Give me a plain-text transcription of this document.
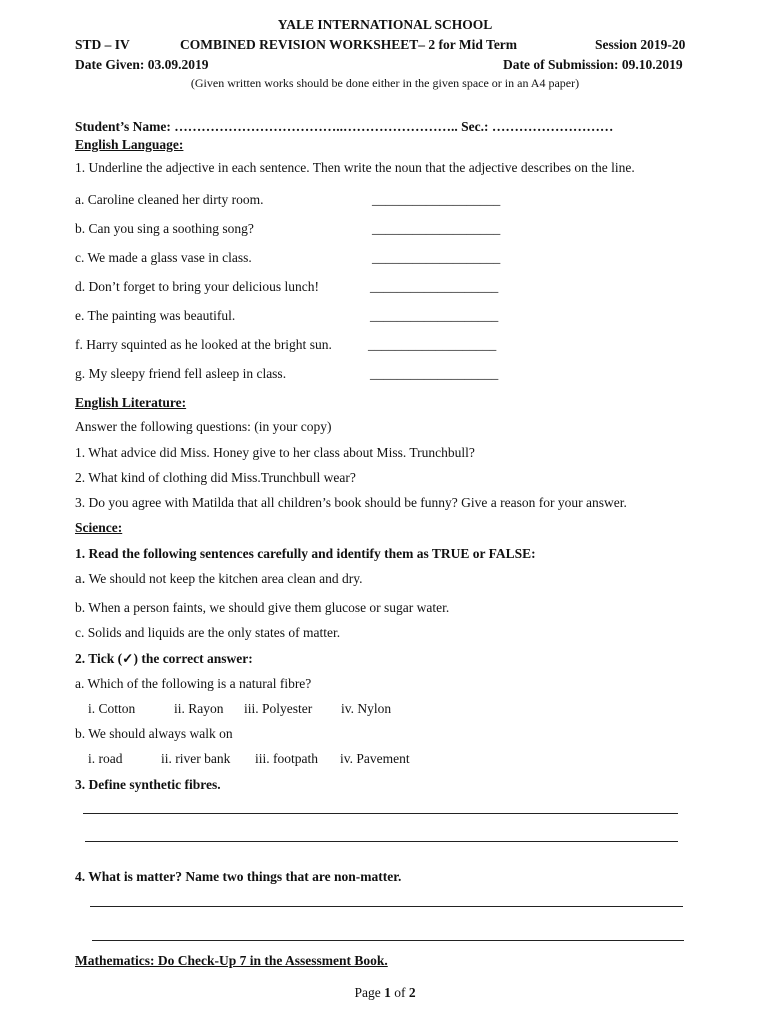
YALE INTERNATIONAL SCHOOL
STD – IV	COMBINED REVISION WORKSHEET– 2 for Mid Term	Session 2019-20
Date Given: 03.09.2019	Date of Submission: 09.10.2019
(Given written works should be done either in the given space or in an A4 paper)
Student’s Name: ………………………………..…………………….. Sec.: ………………………
English Language:
1. Underline the adjective in each sentence. Then write the noun that the adjective describes on the line.
a. Caroline cleaned her dirty room.	___________________
b. Can you sing a soothing song?	___________________
c. We made a glass vase in class.	___________________
d. Don’t forget to bring your delicious lunch!	___________________
e. The painting was beautiful.	___________________
f. Harry squinted as he looked at the bright sun.	___________________
g. My sleepy friend fell asleep in class.	___________________
English Literature:
Answer the following questions: (in your copy)
1. What advice did Miss. Honey give to her class about Miss. Trunchbull?
2. What kind of clothing did Miss.Trunchbull wear?
3. Do you agree with Matilda that all children’s book should be funny? Give a reason for your answer.
Science:
1. Read the following sentences carefully and identify them as TRUE or FALSE:
a. We should not keep the kitchen area clean and dry.
b. When a person faints, we should give them glucose or sugar water.
c. Solids and liquids are the only states of matter.
2. Tick (✓) the correct answer:
a. Which of the following is a natural fibre?
i. Cotton	ii. Rayon iii. Polyester iv. Nylon
b. We should always walk on
i. road	ii. river bank iii. footpath iv. Pavement
3. Define synthetic fibres.
4. What is matter? Name two things that are non-matter.
Mathematics: Do Check-Up 7 in the Assessment Book.
Page 1 of 2
